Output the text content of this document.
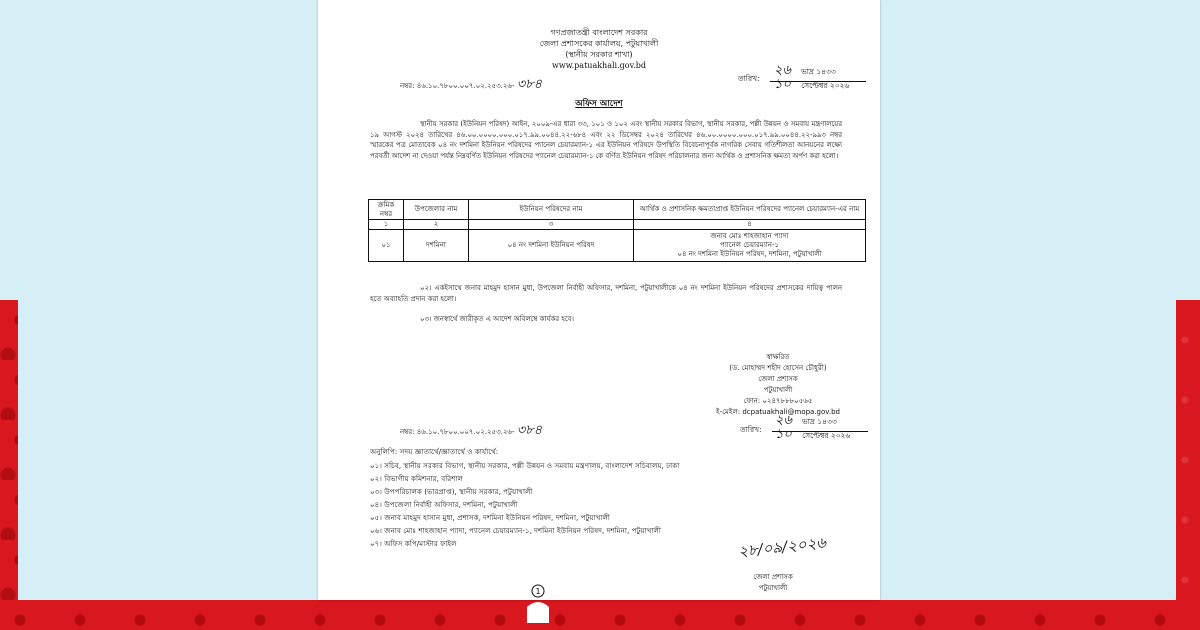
গণপ্রজাতন্ত্রী বাংলাদেশ সরকার
জেলা প্রশাসকের কার্যালয়, পটুয়াখালী
(স্থানীয় সরকার শাখা)
www.patuakhali.gov.bd
নম্বর: ৪৬.১০.৭৮০০.০০৭.০২.২৫৩.২৬- ৩৮৪	তারিখ:
২৬ ভাদ্র ১৪৩৩
১০ সেপ্টেম্বর ২০২৬
অফিস আদেশ
স্থানীয় সরকার (ইউনিয়ন পরিষদ) আইন, ২০০৯-এর ধারা ৩৩, ১০১ ও ১০২ এবং স্থানীয় সরকার বিভাগ, স্থানীয় সরকার, পল্লী উন্নয়ন ও সমবায় মন্ত্রণালয়ের ১৯ আগস্ট ২০২৪ তারিখের ৪৬.০০.০০০০.০০০.০১৭.৯৯.০০৪৪.২২-৬৮৪ এবং ২২ ডিসেম্বর ২০২৪ তারিখের ৪৬.০০.০০০০.০০০.০১৭.৯৯.০০৪৪.২২-৯৯৩ নম্বর স্মারকের পত্র মোতাবেক ০৪ নং দশমিনা ইউনিয়ন পরিষদের প্যানেল চেয়ারম্যান-১ এর ইউনিয়ন পরিষদে উপস্থিতি বিবেচনাপূর্বক নাগরিক সেবায় গতিশীলতা আনয়নের লক্ষ্যে পরবর্তী আদেশ না দেওয়া পর্যন্ত নিম্নবর্ণিত ইউনিয়ন পরিষদের প্যানেল চেয়ারম্যান-১ কে বর্ণিত ইউনিয়ন পরিষদ পরিচালনার জন্য আর্থিক ও প্রশাসনিক ক্ষমতা অর্পণ করা হলো।
ক্রমিক নম্বর	উপজেলার নাম	ইউনিয়ন পরিষদের নাম	আর্থিক ও প্রশাসনিক ক্ষমতাপ্রাপ্ত ইউনিয়ন পরিষদের প্যানেল চেয়ারম্যান-এর নাম
১	২	৩	৪
০১	দশমিনা	০৪ নং দশমিনা ইউনিয়ন পরিষদ	জনাব মোঃ শাহজাহান প্যাদা
প্যানেল চেয়ারম্যান-১
০৪ নং দশমিনা ইউনিয়ন পরিষদ, দশমিনা, পটুয়াখালী
০২। একইসাথে জনাব মাহমুদ হাসান মুধা, উপজেলা নির্বাহী অফিসার, দশমিনা, পটুয়াখালীকে ০৪ নং দশমিনা ইউনিয়ন পরিষদের প্রশাসকের দায়িত্ব পালন হতে অব্যাহতি প্রদান করা হলো।
০৩। জনস্বার্থে জারীকৃত এ আদেশ অবিলম্বে কার্যকর হবে।
স্বাক্ষরিত
(ড. মোহাম্মদ শহীদ হোসেন চৌধুরী)
জেলা প্রশাসক
পটুয়াখালী
ফোন: ০২৪৭৮৮৮০৫৬৫
ই-মেইল: dcpatuakhali@mopa.gov.bd
নম্বর: ৪৬.১০.৭৮০০.০০৭.০২.২৫৩.২৬- ৩৮৪	তারিখ:
২৬ ভাদ্র ১৪৩৩
১০ সেপ্টেম্বর ২০২৬
অনুলিপি: সদয় জ্ঞাতার্থে/জ্ঞাতার্থে ও কার্যার্থে:
০১। সচিব, স্থানীয় সরকার বিভাগ, স্থানীয় সরকার, পল্লী উন্নয়ন ও সমবায় মন্ত্রণালয়, বাংলাদেশ সচিবালয়, ঢাকা
০২। বিভাগীয় কমিশনার, বরিশাল
০৩। উপপরিচালক (ভারপ্রাপ্ত), স্থানীয় সরকার, পটুয়াখালী
০৪। উপজেলা নির্বাহী অফিসার, দশমিনা, পটুয়াখালী
০৫। জনাব মাহমুদ হাসান মুধা, প্রশাসক, দশমিনা ইউনিয়ন পরিষদ, দশমিনা, পটুয়াখালী
০৬। জনাব মোঃ শাহজাহান প্যাদা, প্যানেল চেয়ারম্যান-১, দশমিনা ইউনিয়ন পরিষদ, দশমিনা, পটুয়াখালী
০৭। অফিস কপি/মাস্টার ফাইল	২৮/০৯/২০২৬
জেলা প্রশাসক
পটুয়াখালী
1
